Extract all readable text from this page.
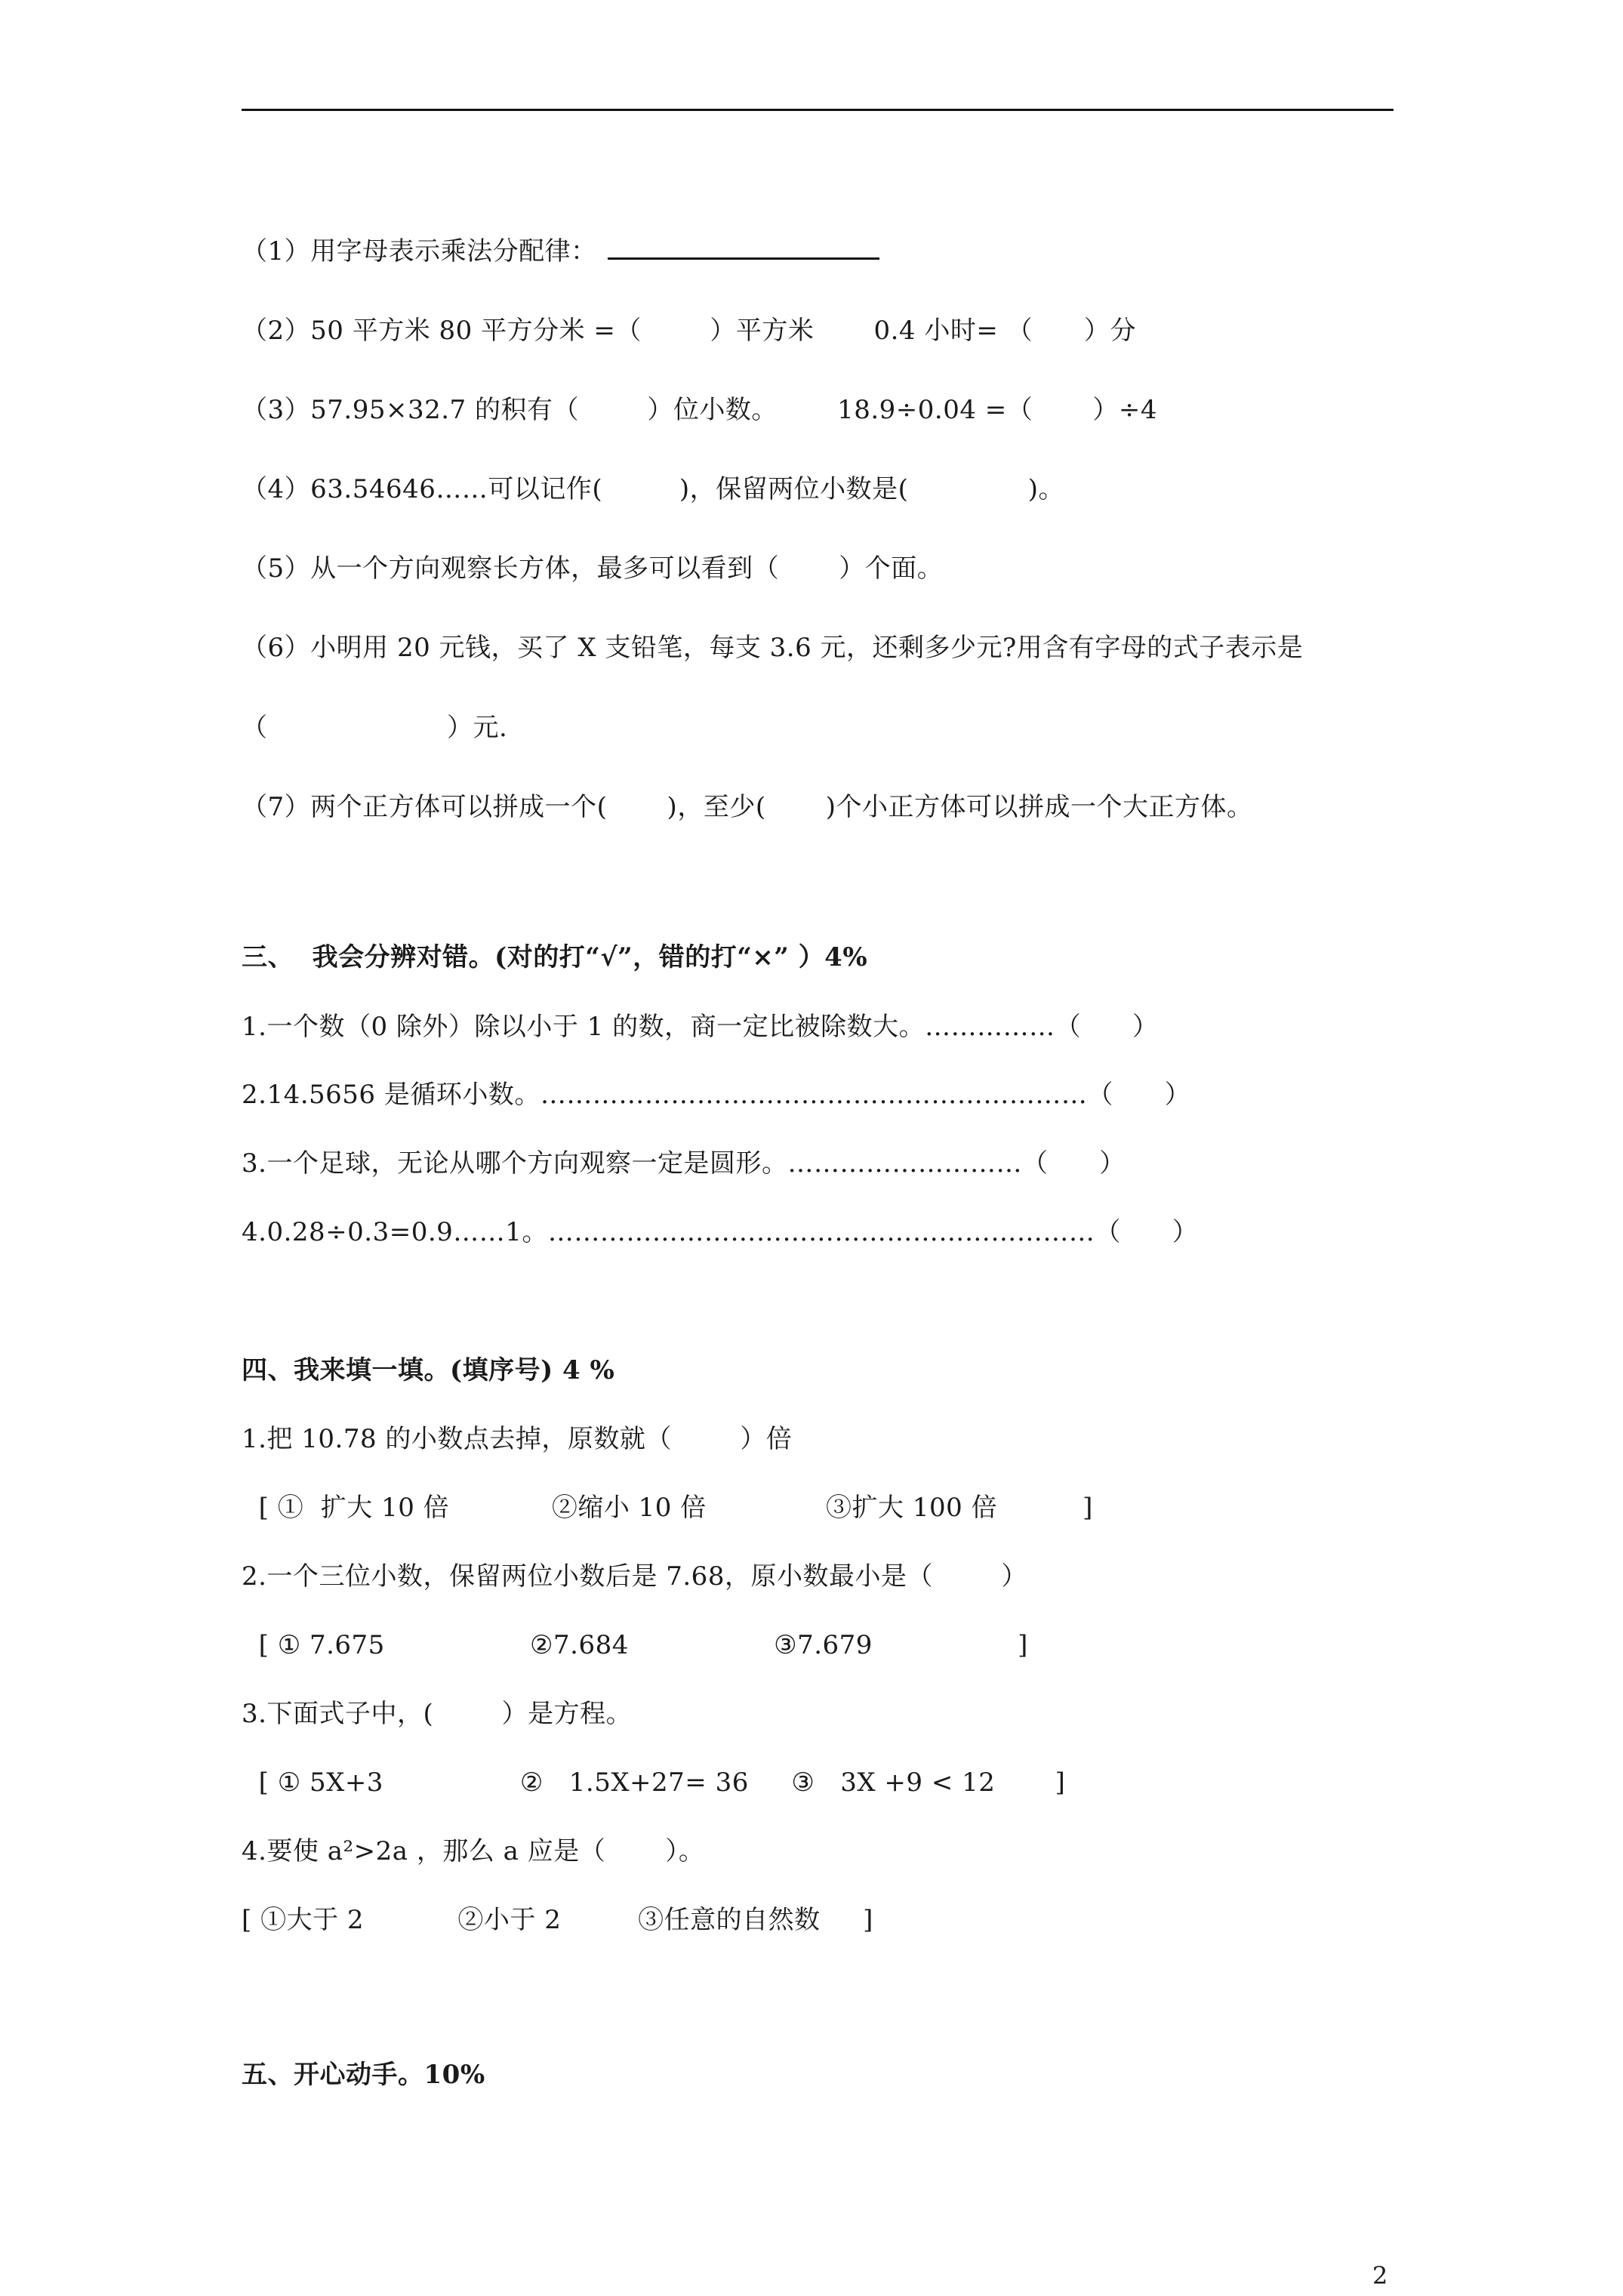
（1）用字母表示乘法分配律：
（2）50 平方米 80 平方分米 =（        ）平方米       0.4 小时= （      ）分
（3）57.95×32.7 的积有（        ）位小数。       18.9÷0.04 =（       ）÷4
（4）63.54646……可以记作(         )，保留两位小数是(              )。
（5）从一个方向观察长方体，最多可以看到（       ）个面。
（6）小明用 20 元钱，买了 X 支铅笔，每支 3.6 元，还剩多少元?用含有字母的式子表示是
（                     ）元.
（7）两个正方体可以拼成一个(       )，至少(       )个小正方体可以拼成一个大正方体。
三、  我会分辨对错。(对的打“√”，错的打“×” ）4%
1.一个数（0 除外）除以小于 1 的数，商一定比被除数大。……………（      ）
2.14.5656 是循环小数。………………………………………………………（      ）
3.一个足球，无论从哪个方向观察一定是圆形。………………………（      ）
4.0.28÷0.3=0.9……1。………………………………………………………（      ）
四、我来填一填。(填序号) 4 %
1.把 10.78 的小数点去掉，原数就（        ）倍
[ ①  扩大 10 倍            ②缩小 10 倍              ③扩大 100 倍          ]
2.一个三位小数，保留两位小数后是 7.68，原小数最小是（        ）
[ ① 7.675                 ②7.684                 ③7.679                 ]
3.下面式子中，(        ）是方程。
[ ① 5X+3                ②   1.5X+27= 36     ③   3X +9 < 12       ]
4.要使 a²>2a ，那么 a 应是（       ）。
[ ①大于 2           ②小于 2         ③任意的自然数     ]
五、开心动手。10%
2
